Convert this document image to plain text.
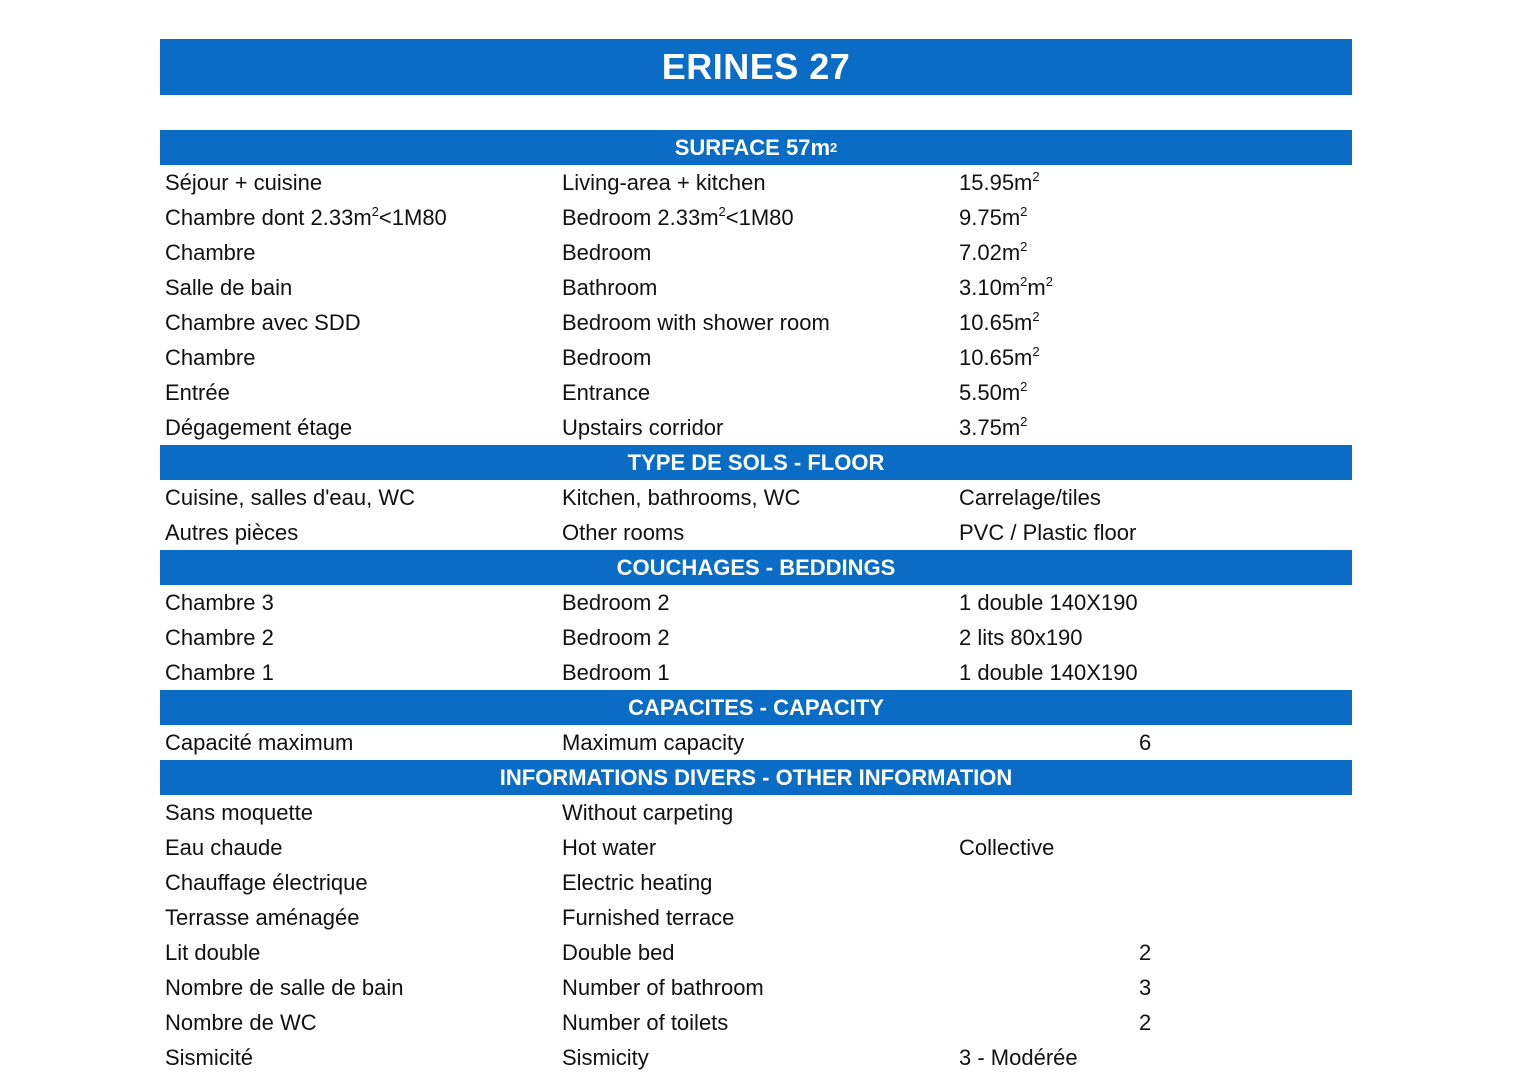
ERINES 27
SURFACE 57m 2
Séjour + cuisine	Living-area + kitchen	$15.95m^2$
Chambre dont $2.33m^2<1M80$	Bedroom $2.33m^2<1M80$	$9.75m^2$
Chambre	Bedroom	$7.02m^2$
Salle de bain	Bathroom	$3.10m^2m^2$
Chambre avec SDD	Bedroom with shower room	$10.65m^2$
Chambre	Bedroom	$10.65m^2$
Entrée	Entrance	$5.50m^2$
Dégagement étage	Upstairs corridor	$3.75m^2$
TYPE DE SOLS - FLOOR
Cuisine, salles d'eau, WC	Kitchen, bathrooms, WC	Carrelage/tiles
Autres pièces	Other rooms	PVC / Plastic floor
COUCHAGES - BEDDINGS
Chambre 3	Bedroom 2	1 double 140X190
Chambre 2	Bedroom 2	2 lits 80x190
Chambre 1	Bedroom 1	1 double 140X190
CAPACITES - CAPACITY
Capacité maximum	Maximum capacity	6
INFORMATIONS DIVERS - OTHER INFORMATION
Sans moquette	Without carpeting
Eau chaude	Hot water	Collective
Chauffage électrique	Electric heating
Terrasse aménagée	Furnished terrace
Lit double	Double bed	2
Nombre de salle de bain	Number of bathroom	3
Nombre de WC	Number of toilets	2
Sismicité	Sismicity	3 - Modérée
